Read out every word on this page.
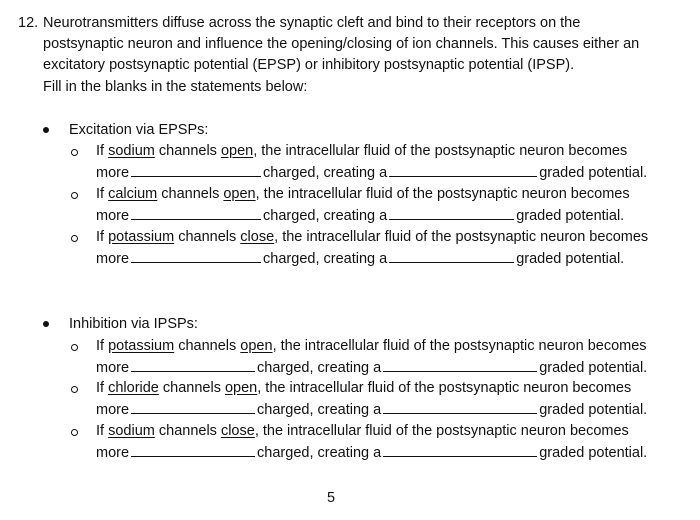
12. Neurotransmitters diffuse across the synaptic cleft and bind to their receptors on the
postsynaptic neuron and influence the opening/closing of ion channels. This causes either an
excitatory postsynaptic potential (EPSP) or inhibitory postsynaptic potential (IPSP).
Fill in the blanks in the statements below:
Excitation via EPSPs:
If sodium channels open, the intracellular fluid of the postsynaptic neuron becomes
more	charged, creating a	graded potential.
If calcium channels open, the intracellular fluid of the postsynaptic neuron becomes
more	charged, creating a	graded potential.
If potassium channels close, the intracellular fluid of the postsynaptic neuron becomes
more	charged, creating a	graded potential.
Inhibition via IPSPs:
If potassium channels open, the intracellular fluid of the postsynaptic neuron becomes
more	charged, creating a	graded potential.
If chloride channels open, the intracellular fluid of the postsynaptic neuron becomes
more	charged, creating a	graded potential.
If sodium channels close, the intracellular fluid of the postsynaptic neuron becomes
more	charged, creating a	graded potential.
5
